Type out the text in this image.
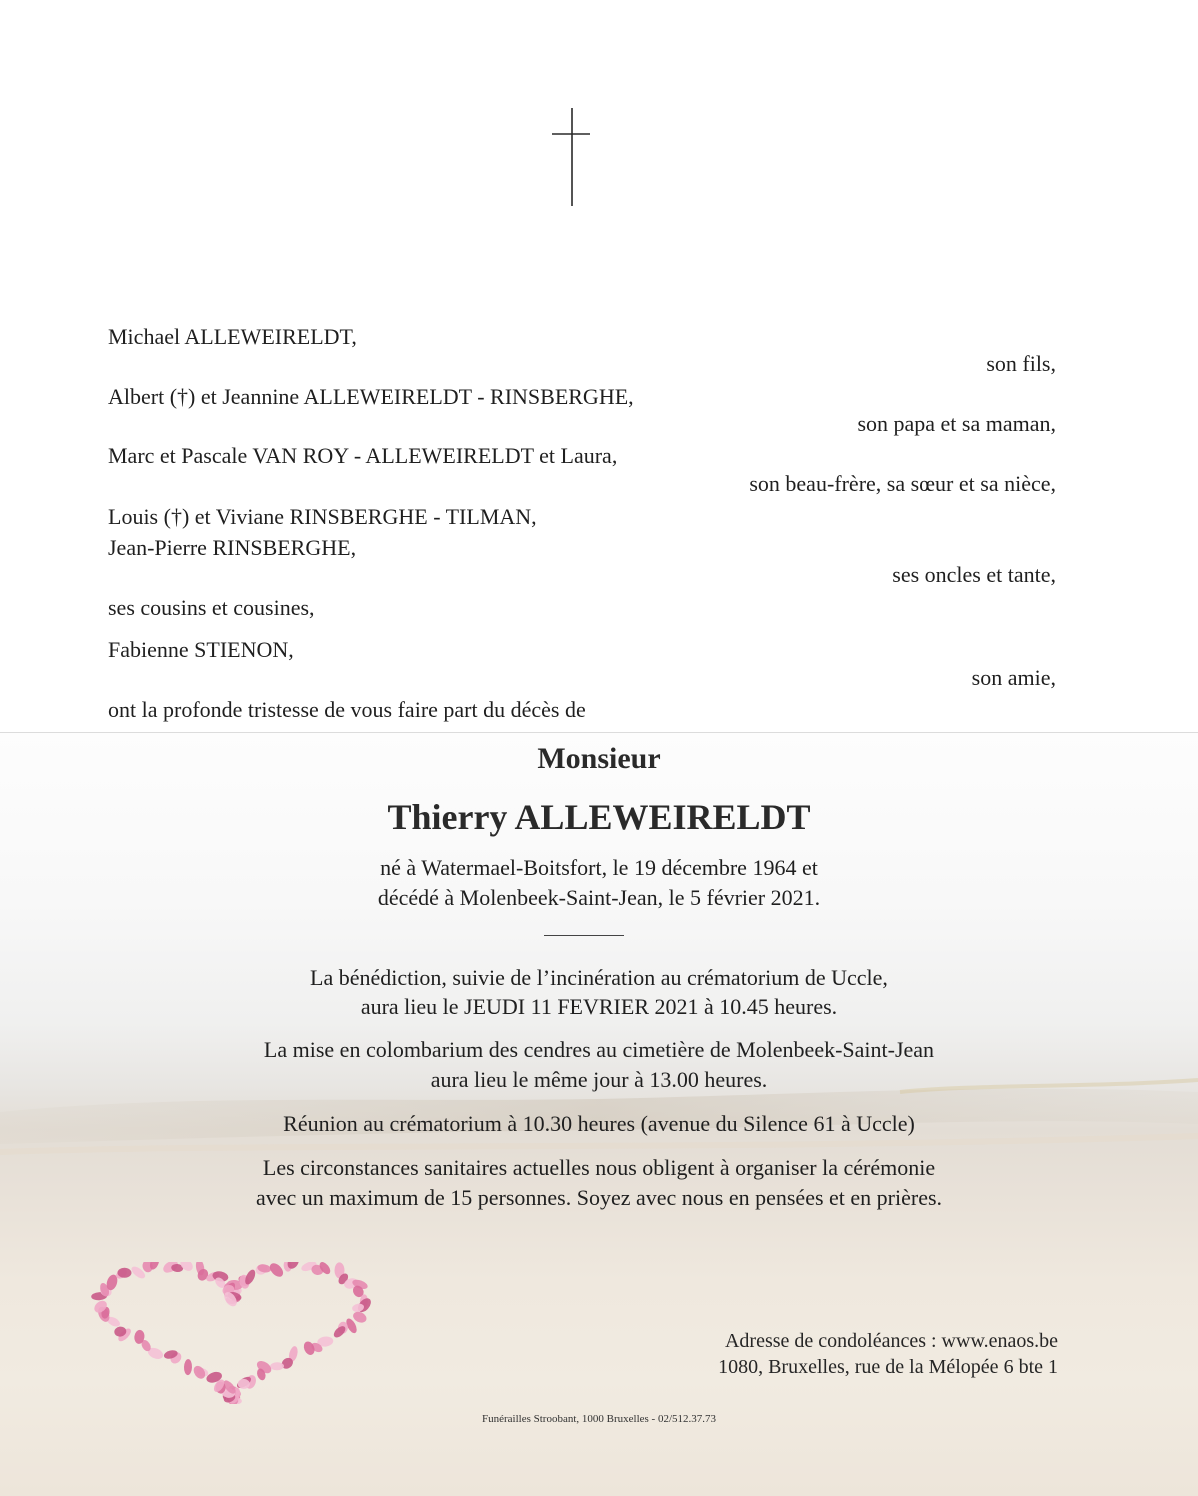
Michael ALLEWEIRELDT,
son fils,
Albert (†) et Jeannine ALLEWEIRELDT - RINSBERGHE,
son papa et sa maman,
Marc et Pascale VAN ROY - ALLEWEIRELDT et Laura,
son beau-frère, sa sœur et sa nièce,
Louis (†) et Viviane RINSBERGHE - TILMAN,
Jean-Pierre RINSBERGHE,
ses oncles et tante,
ses cousins et cousines,
Fabienne STIENON,
son amie,
ont la profonde tristesse de vous faire part du décès de
Monsieur
Thierry ALLEWEIRELDT
né à Watermael-Boitsfort, le 19 décembre 1964 et
décédé à Molenbeek-Saint-Jean, le 5 février 2021.
La bénédiction, suivie de l’incinération au crématorium de Uccle,
aura lieu le JEUDI 11 FEVRIER 2021 à 10.45 heures.
La mise en colombarium des cendres au cimetière de Molenbeek-Saint-Jean
aura lieu le même jour à 13.00 heures.
Réunion au crématorium à 10.30 heures (avenue du Silence 61 à Uccle)
Les circonstances sanitaires actuelles nous obligent à organiser la cérémonie
avec un maximum de 15 personnes. Soyez avec nous en pensées et en prières.
Adresse de condoléances : www.enaos.be
1080, Bruxelles, rue de la Mélopée 6 bte 1
Funérailles Stroobant, 1000 Bruxelles - 02/512.37.73
